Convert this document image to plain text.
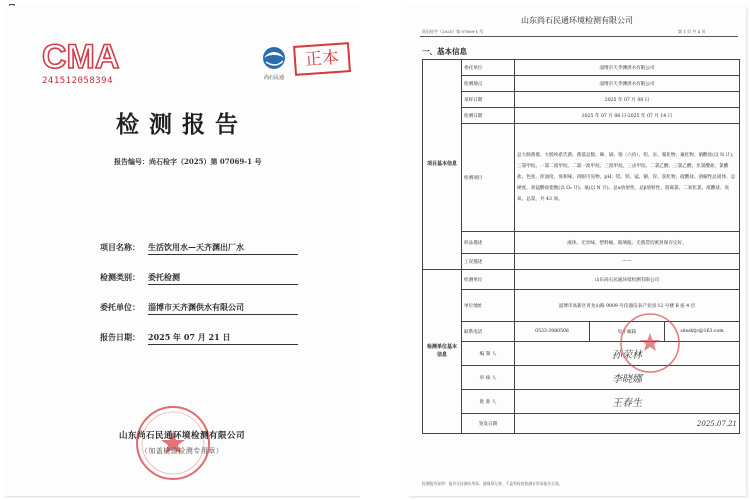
CMA
241512058394	尚石民通
正本
检测报告
报告编号：尚石检字（2025）第 07069-1 号
项目名称： 生活饮用水—天齐渊出厂水
检测类别： 委托检测
委托单位： 淄博市天齐渊供水有限公司
报告日期： 2025 年 07 月 21 日
山东尚石民通环境检测有限公司
（加盖检验检测专用章）
山东尚石民通环境检测有限公司
尚石检字（2025）第 07069-1 号	第 1 页 共 4 页
一、基本信息
项目基本信息	委托单位	淄博市天齐渊供水有限公司		
	检测地点	淄博市天齐渊供水有限公司		
	采样日期	2025 年 07 月 08 日		
	检测日期	2025 年 07 月 08 日-2025 年 07 月 14 日		
	检测项目	总大肠菌群、大肠埃希氏菌、菌落总数、砷、镉、铬（六价）、铅、汞、氰化物、氟化物、硝酸盐(以 N 计)、三氯甲烷、一氯二溴甲烷、二氯一溴甲烷、三溴甲烷、三卤甲烷、二氯乙酸、三氯乙酸、亚氯酸盐、氯酸盐、色度、浑浊度、臭和味、肉眼可见物、pH、铝、铁、锰、铜、锌、氯化物、硫酸盐、溶解性总固体、总硬度、高锰酸盐指数(以 O₂ 计)、氨(以 N 计)、总α放射性、总β放射性、游离氯、二氧化氯、溴酸盐、臭氧、总氯，共 43 项。		
	样品描述	液体、无异味、塑料桶、玻璃瓶、无菌袋均密封保存完好。		
	工况描述	——		
检测单位基本信息	检测单位	山东尚石民通环境检测有限公司		
	单位地址	淄博市高新区青龙山路 9009 号仪器仪表产业园 12 号楼 B 座 4 层		
	联系电话	0533-3980508	电子邮箱	sdssktjc@163.com
	编 制 人	孙荣林		
	审 核 人	李晓娜		
	批 准 人	王春生		
	签发日期	2025.07.21		
检测报告说明：报告无检测专用章、骑缝章无效，不盖有检验检测专用章报告无效。
